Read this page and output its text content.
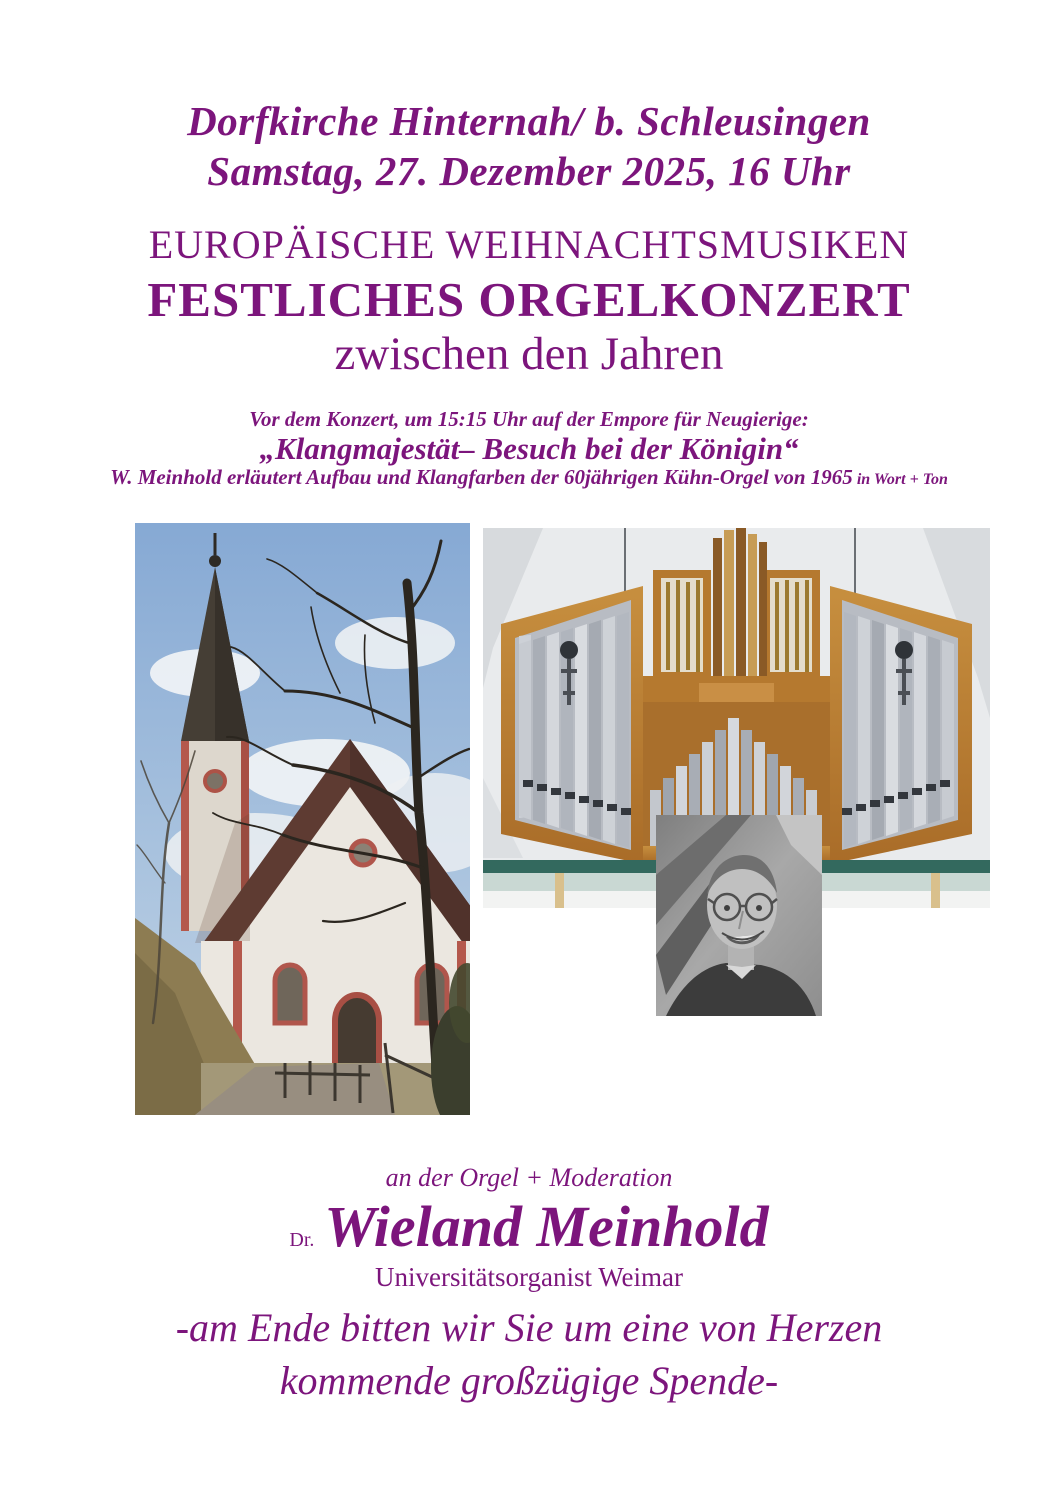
Dorfkirche Hinternah/ b. Schleusingen
Samstag, 27. Dezember 2025, 16 Uhr
EUROPÄISCHE WEIHNACHTSMUSIKEN
FESTLICHES ORGELKONZERT
zwischen den Jahren
Vor dem Konzert, um 15:15 Uhr auf der Empore für Neugierige:
„Klangmajestät– Besuch bei der Königin“
W. Meinhold erläutert Aufbau und Klangfarben der 60jährigen Kühn-Orgel von 1965 in Wort + Ton
an der Orgel + Moderation
Dr. Wieland Meinhold
Universitätsorganist Weimar
-am Ende bitten wir Sie um eine von Herzen
kommende großzügige Spende-
